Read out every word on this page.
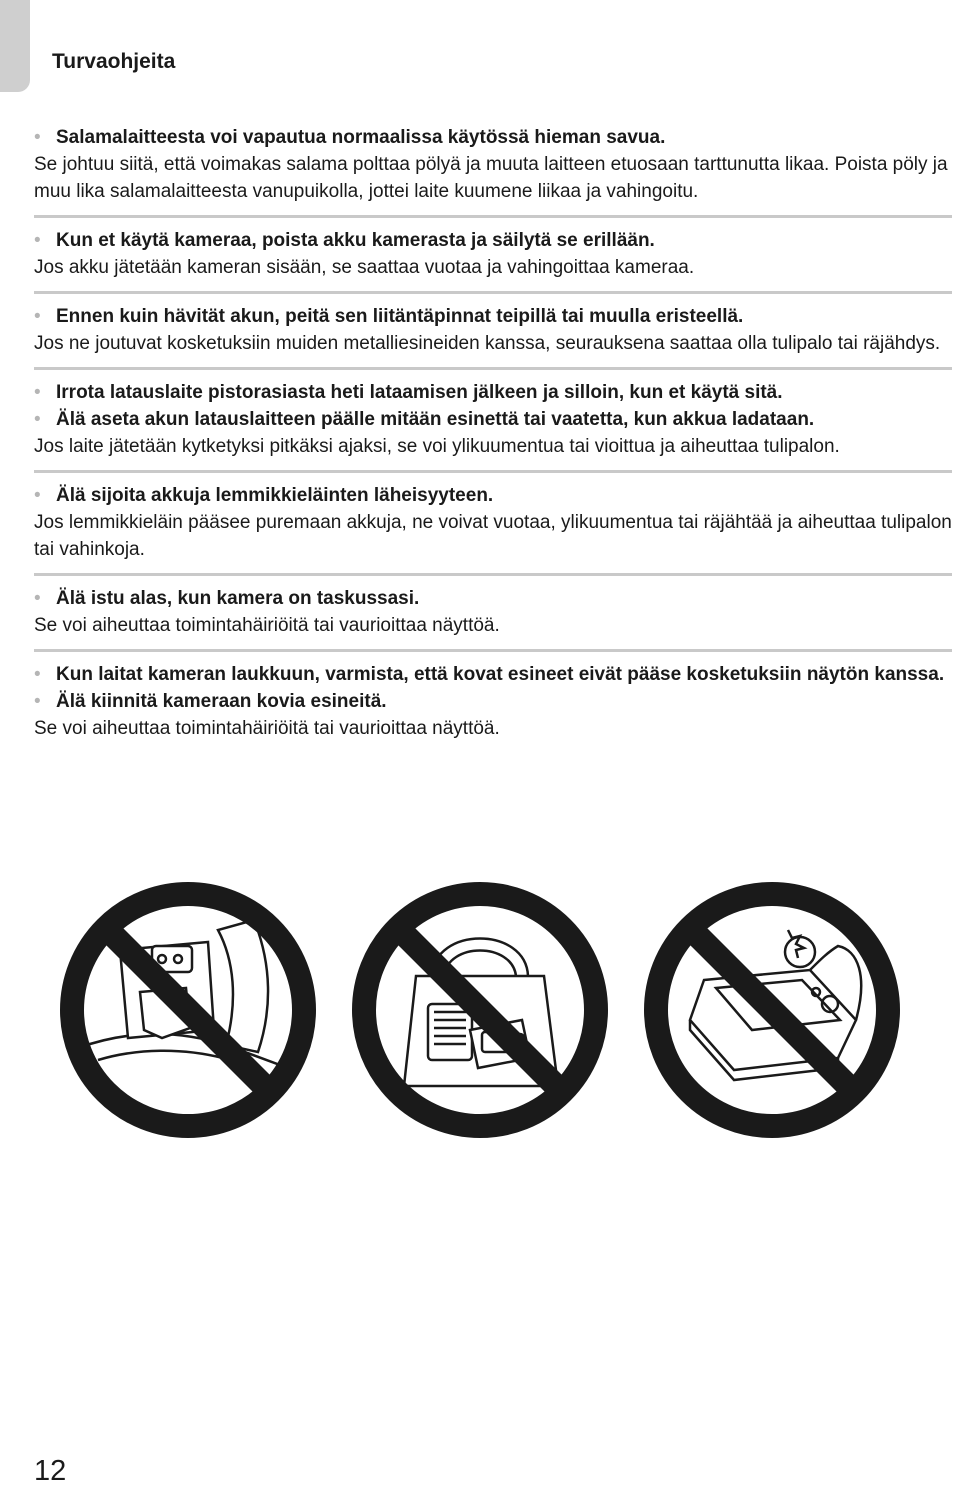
Turvaohjeita
• Salamalaitteesta voi vapautua normaalissa käytössä hieman savua.
Se johtuu siitä, että voimakas salama polttaa pölyä ja muuta laitteen etuosaan tarttunutta likaa. Poista pöly ja muu lika salamalaitteesta vanupuikolla, jottei laite kuumene liikaa ja vahingoitu.
• Kun et käytä kameraa, poista akku kamerasta ja säilytä se erillään.
Jos akku jätetään kameran sisään, se saattaa vuotaa ja vahingoittaa kameraa.
• Ennen kuin hävität akun, peitä sen liitäntäpinnat teipillä tai muulla eristeellä.
Jos ne joutuvat kosketuksiin muiden metalliesineiden kanssa, seurauksena saattaa olla tulipalo tai räjähdys.
• Irrota latauslaite pistorasiasta heti lataamisen jälkeen ja silloin, kun et käytä sitä.
• Älä aseta akun latauslaitteen päälle mitään esinettä tai vaatetta, kun akkua ladataan.
Jos laite jätetään kytketyksi pitkäksi ajaksi, se voi ylikuumentua tai vioittua ja aiheuttaa tulipalon.
• Älä sijoita akkuja lemmikkieläinten läheisyyteen.
Jos lemmikkieläin pääsee puremaan akkuja, ne voivat vuotaa, ylikuumentua tai räjähtää ja aiheuttaa tulipalon tai vahinkoja.
• Älä istu alas, kun kamera on taskussasi.
Se voi aiheuttaa toimintahäiriöitä tai vaurioittaa näyttöä.
• Kun laitat kameran laukkuun, varmista, että kovat esineet eivät pääse kosketuksiin näytön kanssa.
• Älä kiinnitä kameraan kovia esineitä.
Se voi aiheuttaa toimintahäiriöitä tai vaurioittaa näyttöä.
12
